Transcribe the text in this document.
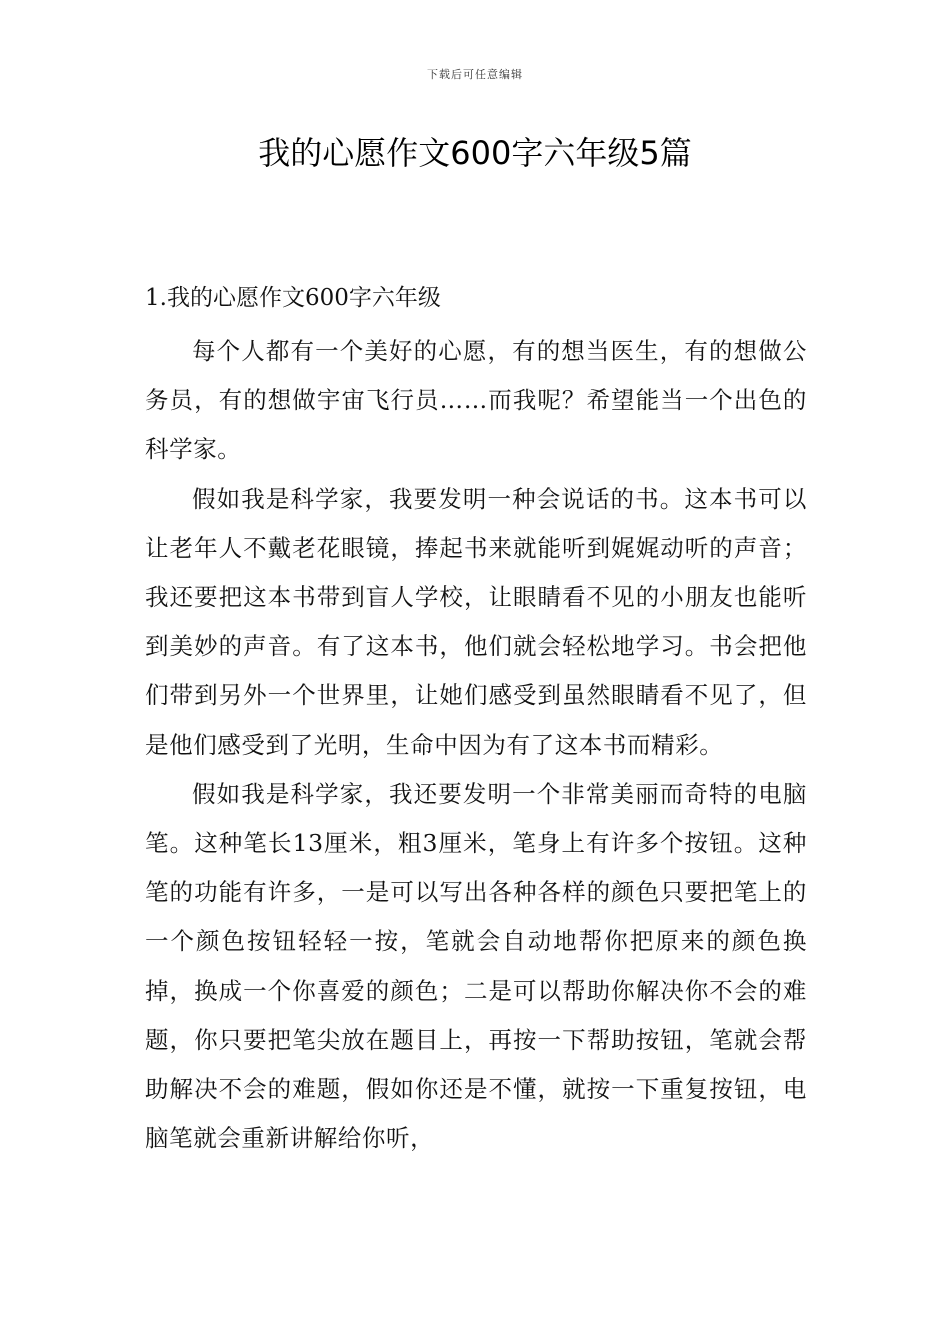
下载后可任意编辑
我的心愿作文600字六年级5篇
1.我的心愿作文600字六年级

每个人都有一个美好的心愿，有的想当医生，有的想做公务员，有的想做宇宙飞行员……而我呢？希望能当一个出色的科学家。

假如我是科学家，我要发明一种会说话的书。这本书可以让老年人不戴老花眼镜，捧起书来就能听到娓娓动听的声音；我还要把这本书带到盲人学校，让眼睛看不见的小朋友也能听到美妙的声音。有了这本书，他们就会轻松地学习。书会把他们带到另外一个世界里，让她们感受到虽然眼睛看不见了，但是他们感受到了光明，生命中因为有了这本书而精彩。

假如我是科学家，我还要发明一个非常美丽而奇特的电脑笔。这种笔长13厘米，粗3厘米，笔身上有许多个按钮。这种笔的功能有许多，一是可以写出各种各样的颜色只要把笔上的一个颜色按钮轻轻一按，笔就会自动地帮你把原来的颜色换掉，换成一个你喜爱的颜色；二是可以帮助你解决你不会的难题，你只要把笔尖放在题目上，再按一下帮助按钮，笔就会帮助解决不会的难题，假如你还是不懂，就按一下重复按钮，电脑笔就会重新讲解给你听，
